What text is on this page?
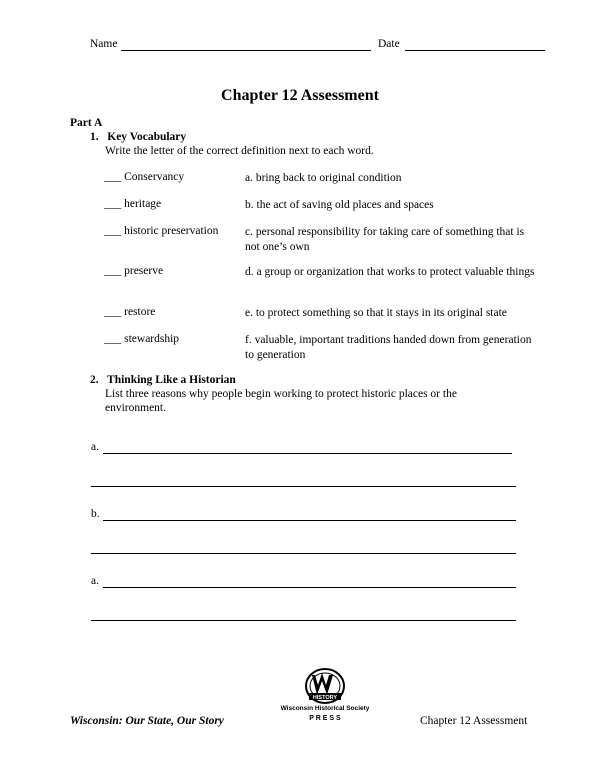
Name	Date
Chapter 12 Assessment
Part A
1.   Key Vocabulary
Write the letter of the correct definition next to each word.
___ Conservancy	a. bring back to original condition
___ heritage	b. the act of saving old places and spaces
___ historic preservation	c. personal responsibility for taking care of something that is not one’s own
___ preserve	d. a group or organization that works to protect valuable things
___ restore	e. to protect something so that it stays in its original state
___ stewardship	f. valuable, important traditions handed down from generation to generation
2.   Thinking Like a Historian
List three reasons why people begin working to protect historic places or the
environment.
a.
b.
a.
HISTORY
Wisconsin Historical Society
P R E S S
Wisconsin: Our State, Our Story	Chapter 12 Assessment
